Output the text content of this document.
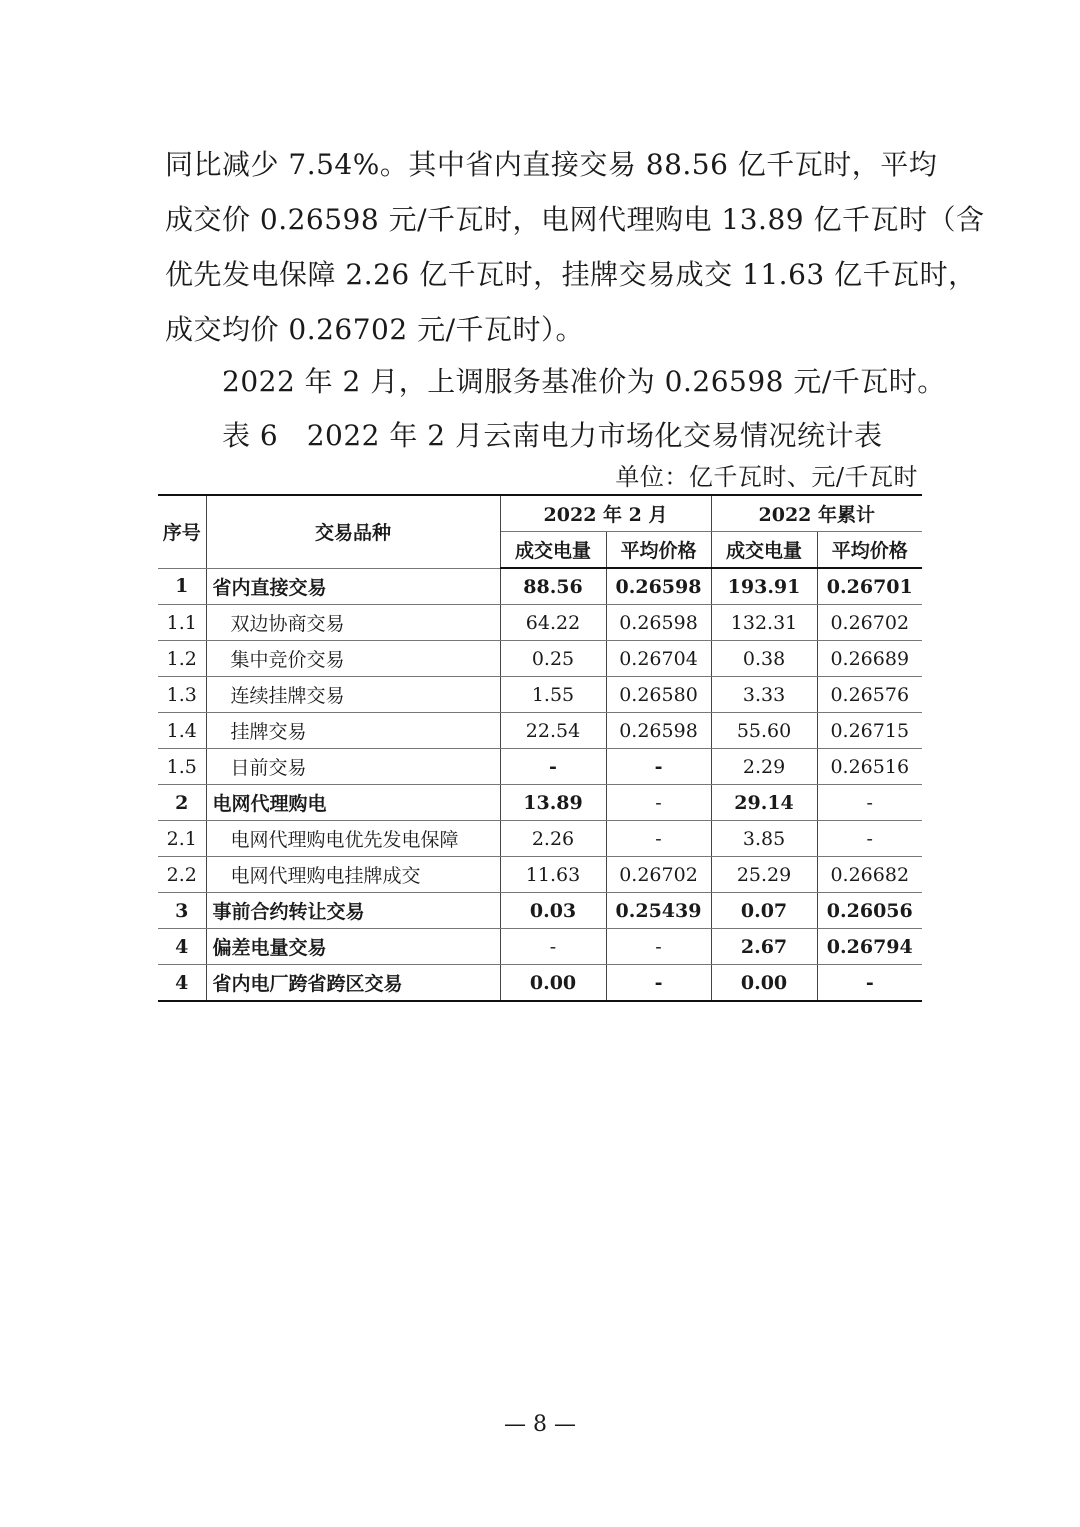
同比减少 7.54%。其中省内直接交易 88.56 亿千瓦时，平均
成交价 0.26598 元/千瓦时，电网代理购电 13.89 亿千瓦时（含
优先发电保障 2.26 亿千瓦时，挂牌交易成交 11.63 亿千瓦时，
成交均价 0.26702 元/千瓦时）。
2022 年 2 月，上调服务基准价为 0.26598 元/千瓦时。
表 6　2022 年 2 月云南电力市场化交易情况统计表
单位：亿千瓦时、元/千瓦时
序号	交易品种	2022 年 2 月		2022 年累计	
		成交电量	平均价格	成交电量	平均价格
1	省内直接交易	88.56	0.26598	193.91	0.26701
1.1	双边协商交易	64.22	0.26598	132.31	0.26702
1.2	集中竞价交易	0.25	0.26704	0.38	0.26689
1.3	连续挂牌交易	1.55	0.26580	3.33	0.26576
1.4	挂牌交易	22.54	0.26598	55.60	0.26715
1.5	日前交易	-	-	2.29	0.26516
2	电网代理购电	13.89	-	29.14	-
2.1	电网代理购电优先发电保障	2.26	-	3.85	-
2.2	电网代理购电挂牌成交	11.63	0.26702	25.29	0.26682
3	事前合约转让交易	0.03	0.25439	0.07	0.26056
4	偏差电量交易	-	-	2.67	0.26794
4	省内电厂跨省跨区交易	0.00	-	0.00	-
— 8 —
